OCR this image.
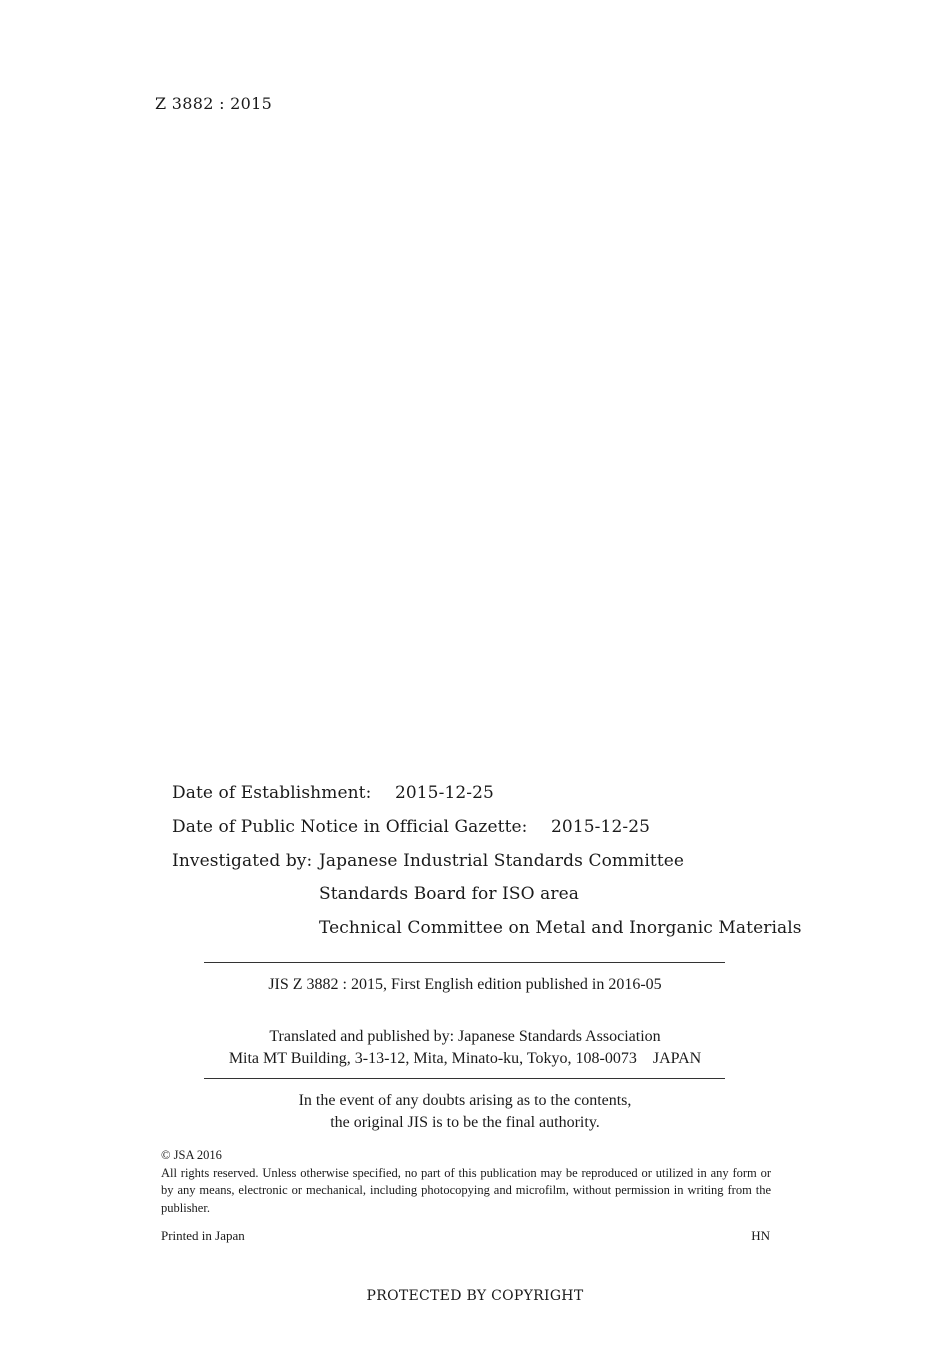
Z 3882 : 2015
Date of Establishment: 2015-12-25
Date of Public Notice in Official Gazette: 2015-12-25
Investigated by: Japanese Industrial Standards Committee
Standards Board for ISO area
Technical Committee on Metal and Inorganic Materials
JIS Z 3882 : 2015, First English edition published in 2016-05
Translated and published by: Japanese Standards Association
Mita MT Building, 3-13-12, Mita, Minato-ku, Tokyo, 108-0073    JAPAN
In the event of any doubts arising as to the contents,
the original JIS is to be the final authority.
© JSA 2016
All rights reserved. Unless otherwise specified, no part of this publication may be reproduced or utilized in any form or by any means, electronic or mechanical, including photocopying and microfilm, without permission in writing from the publisher.
Printed in Japan	HN
PROTECTED BY COPYRIGHT
